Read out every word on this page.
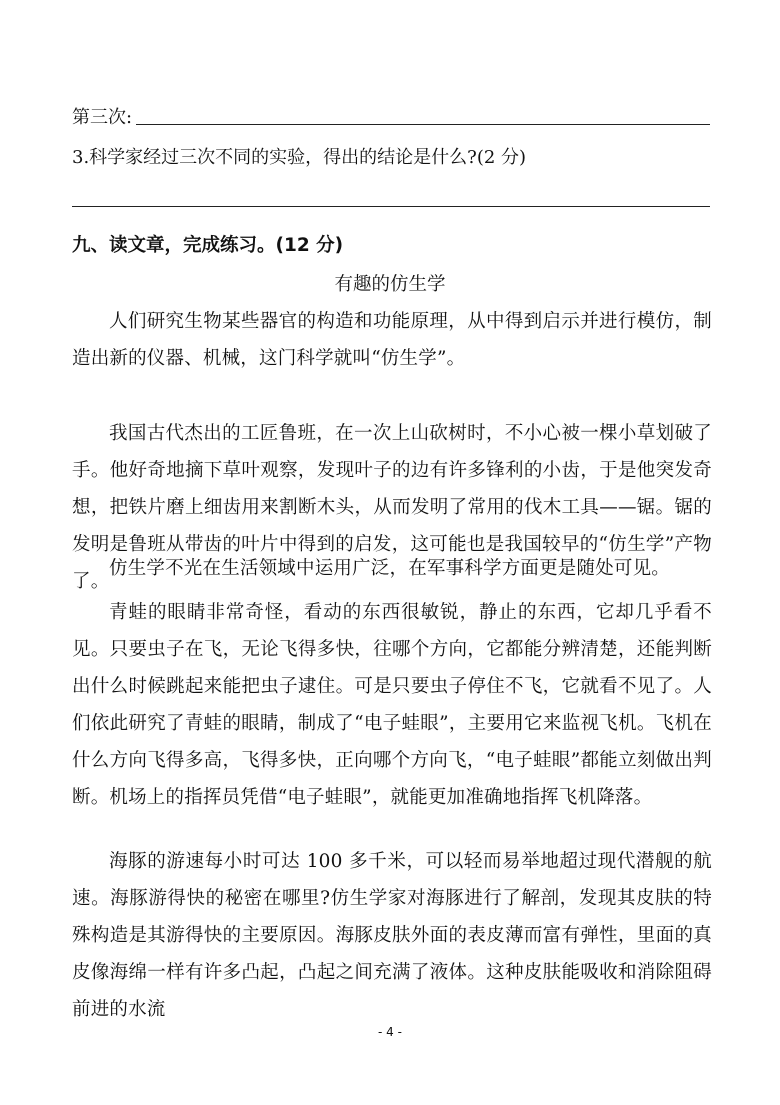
第三次:
3.科学家经过三次不同的实验，得出的结论是什么?(2 分)
九、读文章，完成练习。(12 分)
有趣的仿生学

人们研究生物某些器官的构造和功能原理，从中得到启示并进行模仿，制造出新的仪器、机械，这门科学就叫“仿生学”。

我国古代杰出的工匠鲁班，在一次上山砍树时，不小心被一棵小草划破了手。他好奇地摘下草叶观察，发现叶子的边有许多锋利的小齿，于是他突发奇想，把铁片磨上细齿用来割断木头，从而发明了常用的伐木工具——锯。锯的发明是鲁班从带齿的叶片中得到的启发，这可能也是我国较早的“仿生学”产物了。

仿生学不光在生活领域中运用广泛，在军事科学方面更是随处可见。

青蛙的眼睛非常奇怪，看动的东西很敏锐，静止的东西，它却几乎看不见。只要虫子在飞，无论飞得多快，往哪个方向，它都能分辨清楚，还能判断出什么时候跳起来能把虫子逮住。可是只要虫子停住不飞，它就看不见了。人们依此研究了青蛙的眼睛，制成了“电子蛙眼”，主要用它来监视飞机。飞机在什么方向飞得多高，飞得多快，正向哪个方向飞，“电子蛙眼”都能立刻做出判断。机场上的指挥员凭借“电子蛙眼”，就能更加准确地指挥飞机降落。

海豚的游速每小时可达 100 多千米，可以轻而易举地超过现代潜舰的航速。海豚游得快的秘密在哪里?仿生学家对海豚进行了解剖，发现其皮肤的特殊构造是其游得快的主要原因。海豚皮肤外面的表皮薄而富有弹性，里面的真皮像海绵一样有许多凸起，凸起之间充满了液体。这种皮肤能吸收和消除阻碍前进的水流

- 4 -
